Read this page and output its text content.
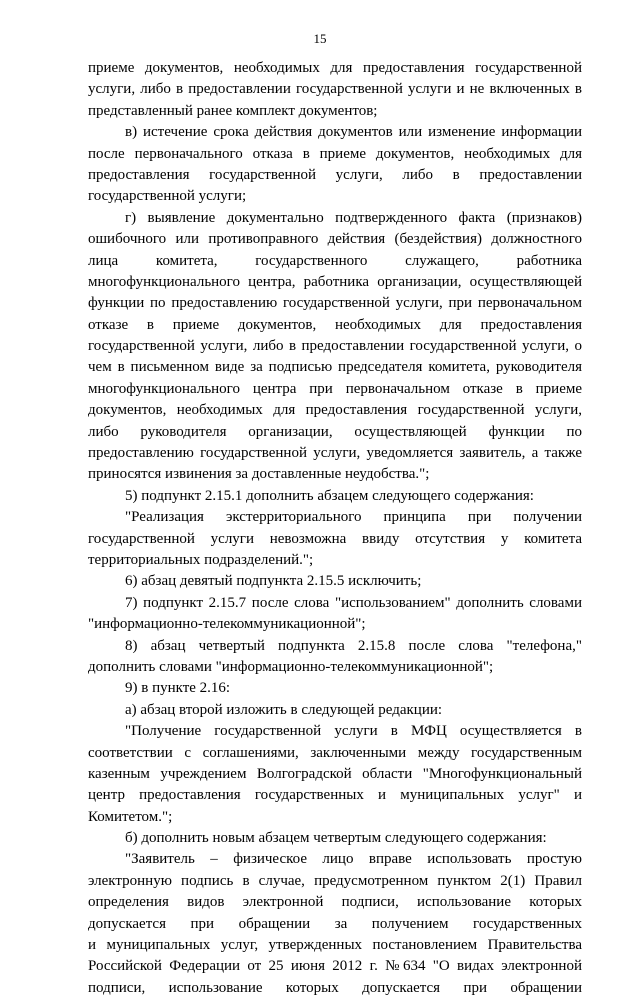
15
приеме документов, необходимых для предоставления государственной
услуги, либо в предоставлении государственной услуги и не включенных в
представленный ранее комплект документов;
в) истечение срока действия документов или изменение информации
после первоначального отказа в приеме документов, необходимых для
предоставления государственной услуги, либо в предоставлении
государственной услуги;
г) выявление документально подтвержденного факта (признаков)
ошибочного или противоправного действия (бездействия) должностного
лица комитета, государственного служащего, работника
многофункционального центра, работника организации, осуществляющей
функции по предоставлению государственной услуги, при первоначальном
отказе в приеме документов, необходимых для предоставления
государственной услуги, либо в предоставлении государственной услуги, о
чем в письменном виде за подписью председателя комитета, руководителя
многофункционального центра при первоначальном отказе в приеме
документов, необходимых для предоставления государственной услуги,
либо руководителя организации, осуществляющей функции по
предоставлению государственной услуги, уведомляется заявитель, а также
приносятся извинения за доставленные неудобства.";
5) подпункт 2.15.1 дополнить абзацем следующего содержания:
"Реализация экстерриториального принципа при получении
государственной услуги невозможна ввиду отсутствия у комитета
территориальных подразделений.";
6) абзац девятый подпункта 2.15.5 исключить;
7) подпункт 2.15.7 после слова "использованием" дополнить словами
"информационно-телекоммуникационной";
8) абзац четвертый подпункта 2.15.8 после слова "телефона,"
дополнить словами "информационно-телекоммуникационной";
9) в пункте 2.16:
а) абзац второй изложить в следующей редакции:
"Получение государственной услуги в МФЦ осуществляется в
соответствии с соглашениями, заключенными между государственным
казенным учреждением Волгоградской области "Многофункциональный
центр предоставления государственных и муниципальных услуг" и
Комитетом.";
б) дополнить новым абзацем четвертым следующего содержания:
"Заявитель – физическое лицо вправе использовать простую
электронную подпись в случае, предусмотренном пунктом 2(1) Правил
определения видов электронной подписи, использование которых
допускается при обращении за получением государственных
и муниципальных услуг, утвержденных постановлением Правительства
Российской Федерации от 25 июня 2012 г. №634 "О видах электронной
подписи, использование которых допускается при обращении
